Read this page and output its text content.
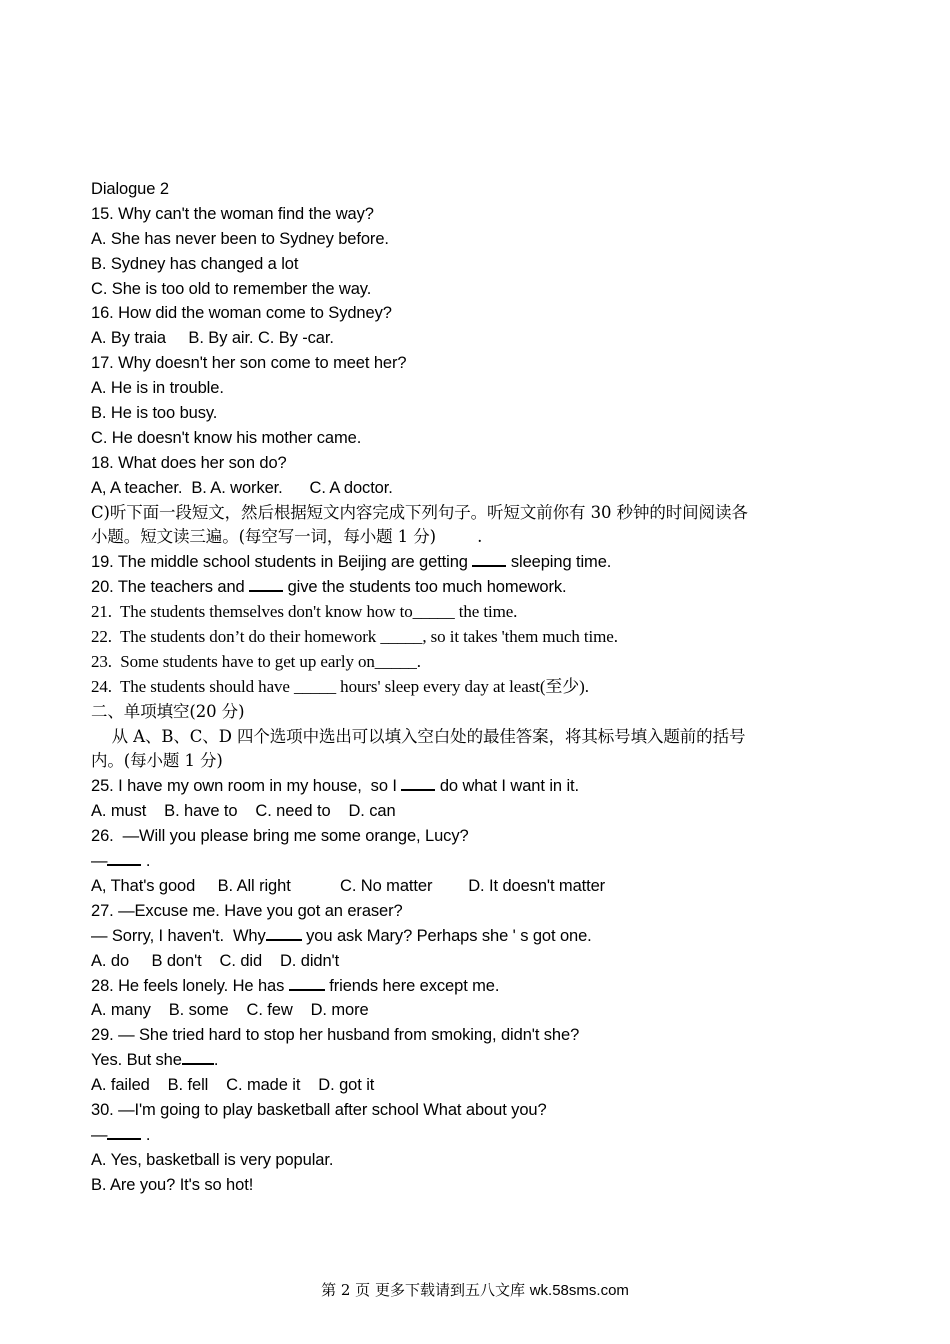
Dialogue 2
15. Why can't the woman find the way?
A. She has never been to Sydney before.
B. Sydney has changed a lot
C. She is too old to remember the way.
16. How did the woman come to Sydney?
A. By traia     B. By air. C. By -car.
17. Why doesn't her son come to meet her?
A. He is in trouble.
B. He is too busy.
C. He doesn't know his mother came.
18. What does her son do?
A, A teacher.  B. A. worker.      C. A doctor.
C)听下面一段短文，然后根据短文内容完成下列句子。听短文前你有 30 秒钟的时间阅读各
小题。短文读三遍。(每空写一词，每小题 1 分)        .
19. The middle school students in Beijing are getting  sleeping time.
20. The teachers and  give the students too much homework.
21.  The students themselves don't know how to_____ the time.
22.  The students don’t do their homework _____, so it takes 'them much time.
23.  Some students have to get up early on_____.
24.  The students should have _____ hours' sleep every day at least(至少).
二、单项填空(20 分)
从 A、B、C、D 四个选项中选出可以填入空白处的最佳答案，将其标号填入题前的括号
内。(每小题 1 分)
25. I have my own room in my house,  so I  do what I want in it.
A. must    B. have to    C. need to    D. can
26.  —Will you please bring me some orange, Lucy?
— .
A, That's good     B. All right           C. No matter        D. It doesn't matter
27. —Excuse me. Have you got an eraser?
— Sorry, I haven't.  Why you ask Mary? Perhaps she ' s got one.
A. do     B don't    C. did    D. didn't
28. He feels lonely. He has  friends here except me.
A. many    B. some    C. few    D. more
29. — She tried hard to stop her husband from smoking, didn't she?
Yes. But she .
A. failed    B. fell    C. made it    D. got it
30. —I'm going to play basketball after school What about you?
— .
A. Yes, basketball is very popular.
B. Are you? It's so hot!
第 2 页 更多下载请到五八文库 wk.58sms.com
